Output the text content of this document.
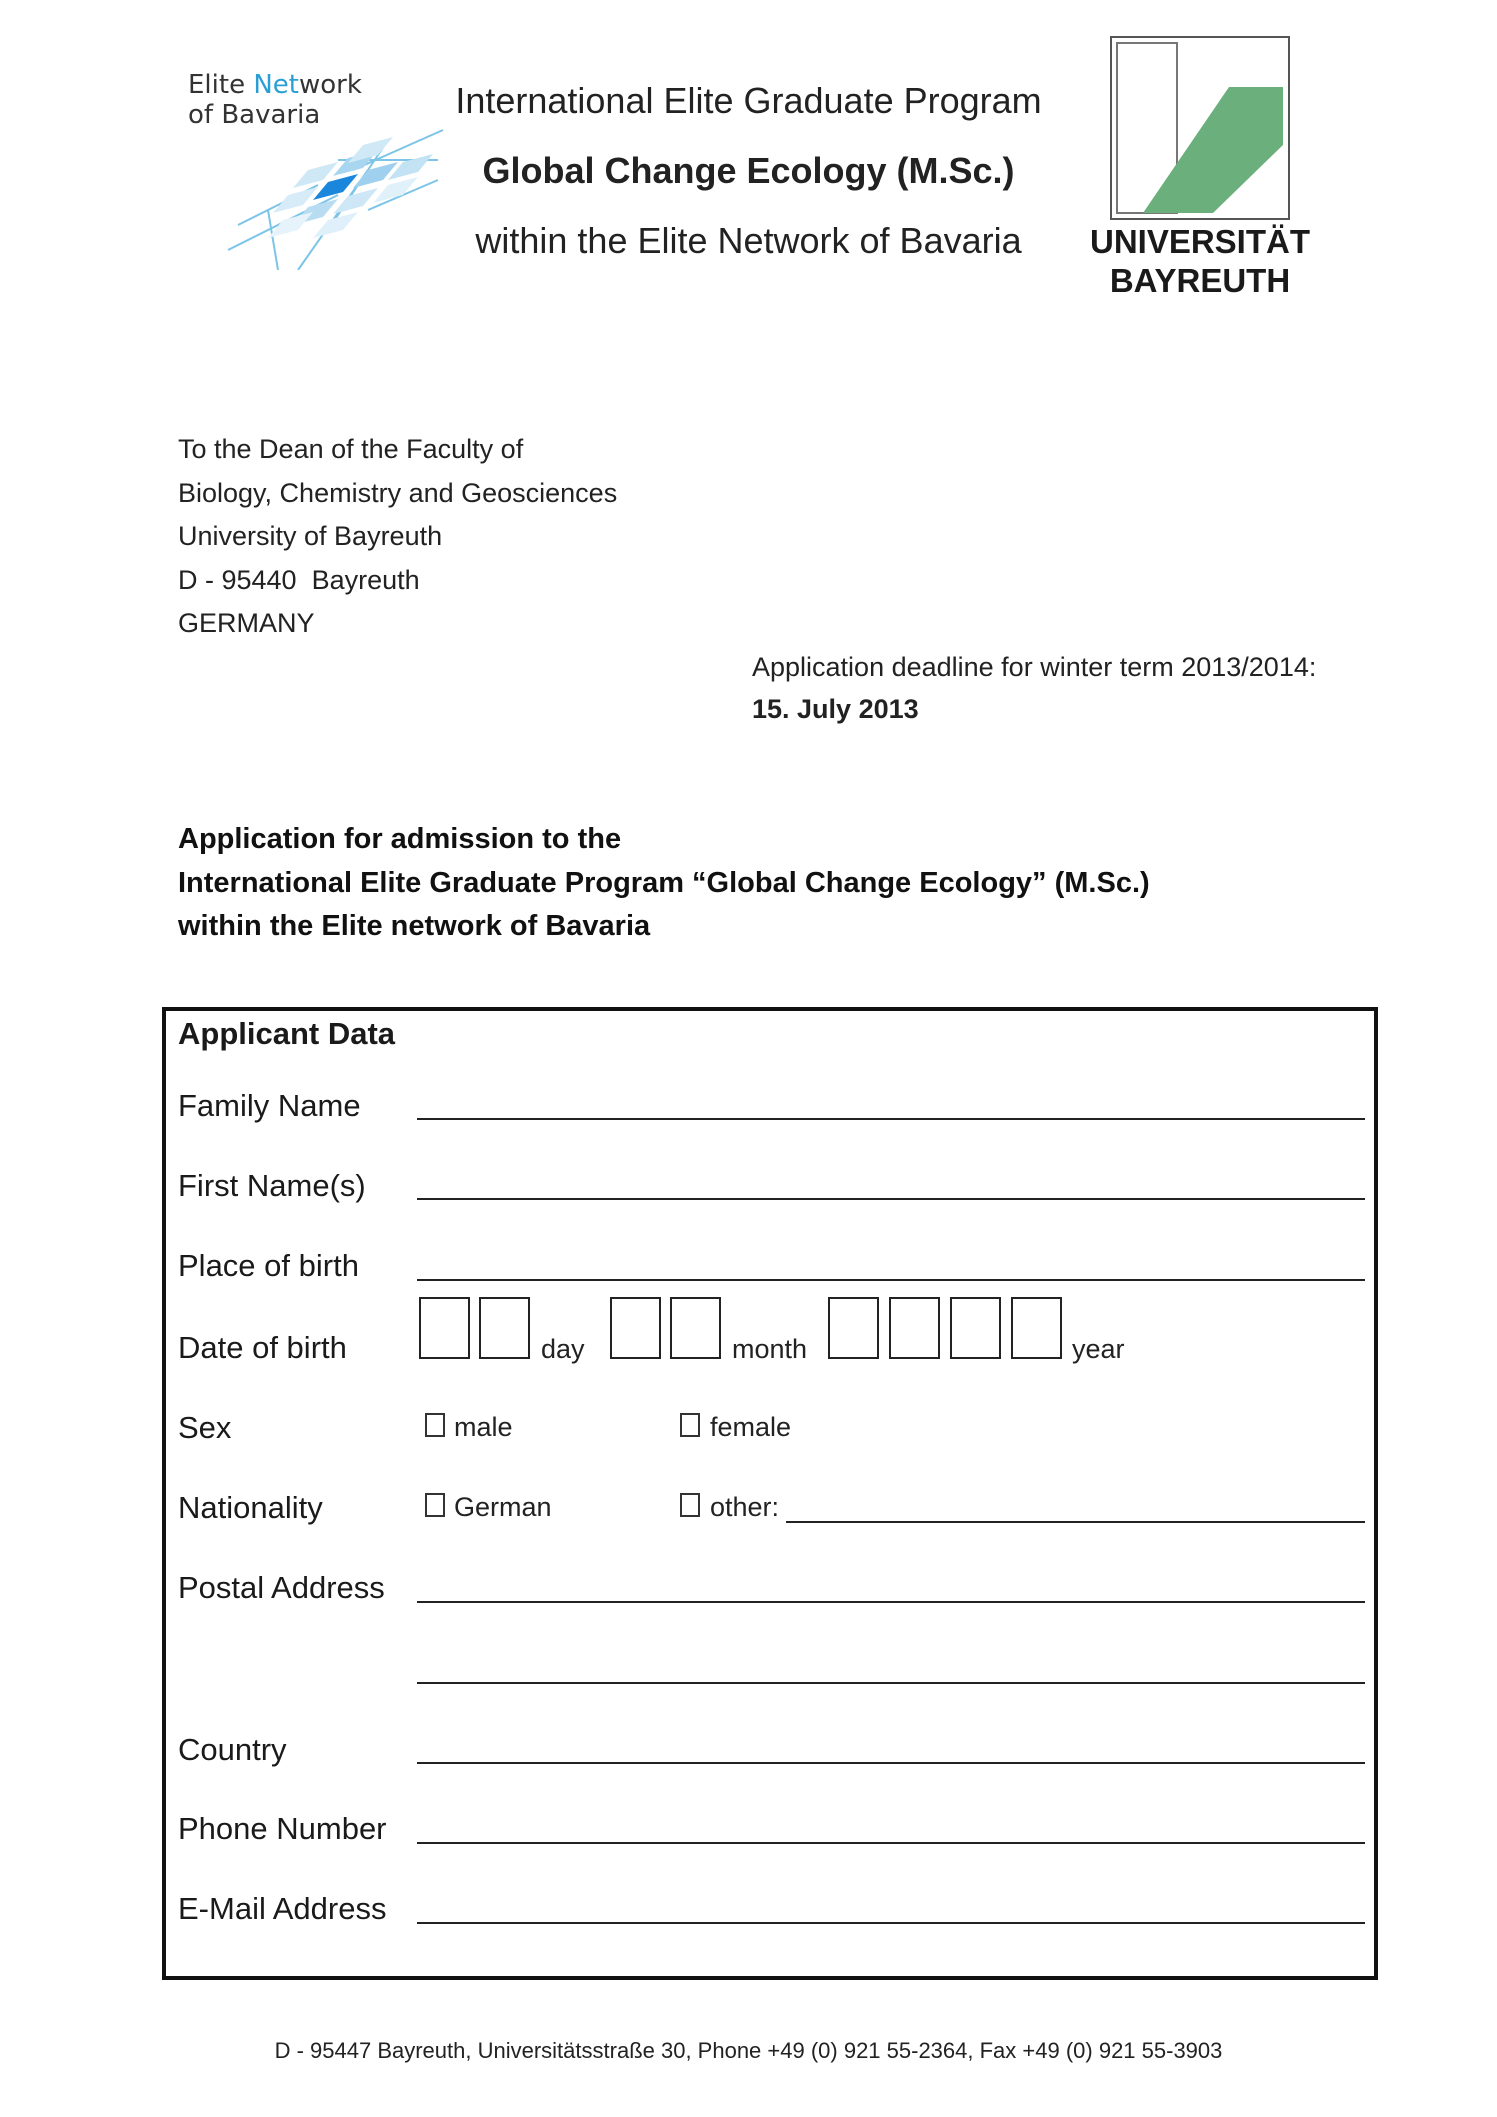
Elite Network
of Bavaria	International Elite Graduate Program
Global Change Ecology (M.Sc.)
within the Elite Network of Bavaria	UNIVERSITÄT
BAYREUTH
To the Dean of the Faculty of
Biology, Chemistry and Geosciences
University of Bayreuth
D - 95440  Bayreuth
GERMANY
Application deadline for winter term 2013/2014:
15. July 2013
Application for admission to the
International Elite Graduate Program “Global Change Ecology” (M.Sc.)
within the Elite network of Bavaria
Applicant Data
Family Name
First Name(s)
Place of birth
Date of birth	day	month	year
Sex	male	female
Nationality	German	other:
Postal Address
Country
Phone Number
E-Mail Address
D - 95447 Bayreuth, Universitätsstraße 30, Phone +49 (0) 921 55-2364, Fax +49 (0) 921 55-3903
